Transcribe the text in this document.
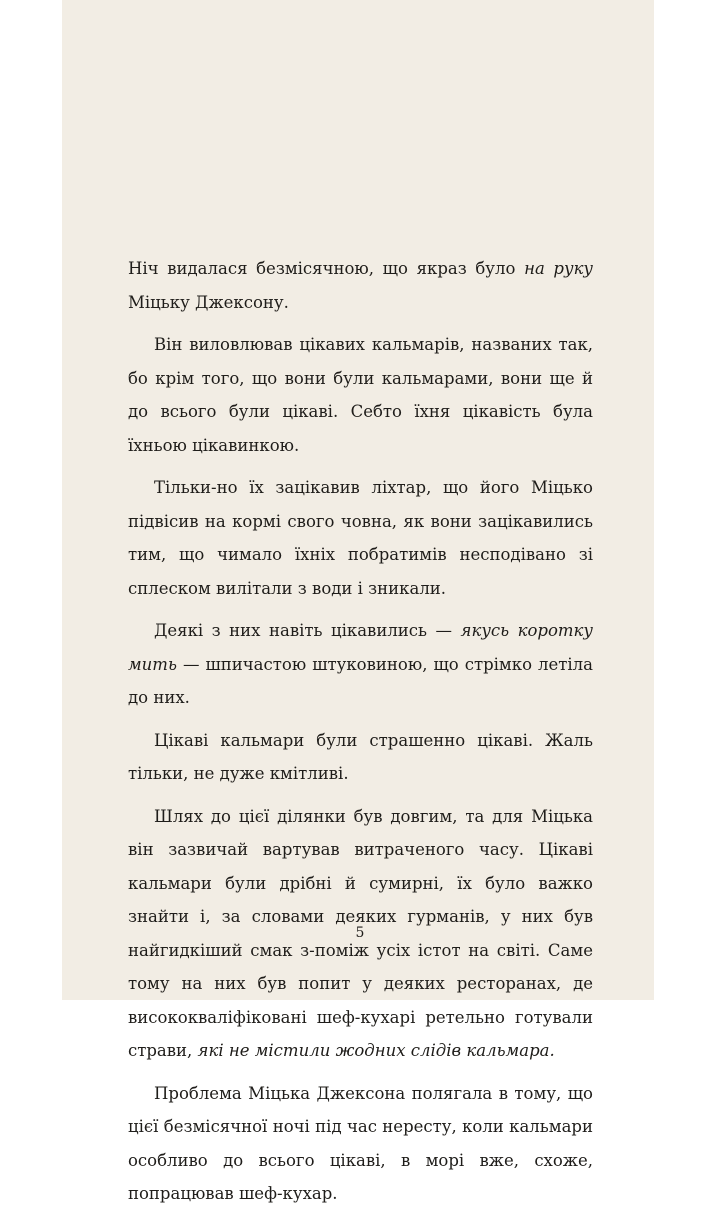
Ніч видалася безмісячною, що якраз було на руку Міцьку Джексону.

Він виловлював цікавих кальмарів, названих так, бо крім того, що вони були кальмарами, вони ще й до всього були цікаві. Себто їхня цікавість була їхньою цікавинкою.

Тільки-но їх зацікавив ліхтар, що його Міцько підвісив на кормі свого човна, як вони зацікавились тим, що чимало їхніх побратимів несподівано зі сплеском вилітали з води і зникали.

Деякі з них навіть цікавились — якусь коротку мить — шпичастою штуковиною, що стрімко летіла до них.

Цікаві кальмари були страшенно цікаві. Жаль тільки, не дуже кмітливі.

Шлях до цієї ділянки був довгим, та для Міцька він зазвичай вартував витраченого часу. Цікаві кальмари були дрібні й сумирні, їх було важко знайти і, за словами деяких гурманів, у них був найгидкіший смак з-поміж усіх істот на світі. Саме тому на них був попит у деяких ресторанах, де висококваліфіковані шеф-кухарі ретельно готували страви, які не містили жодних слідів кальмара.

Проблема Міцька Джексона полягала в тому, що цієї безмісячної ночі під час нересту, коли кальмари особливо до всього цікаві, в морі вже, схоже, попрацював шеф-кухар.

5
